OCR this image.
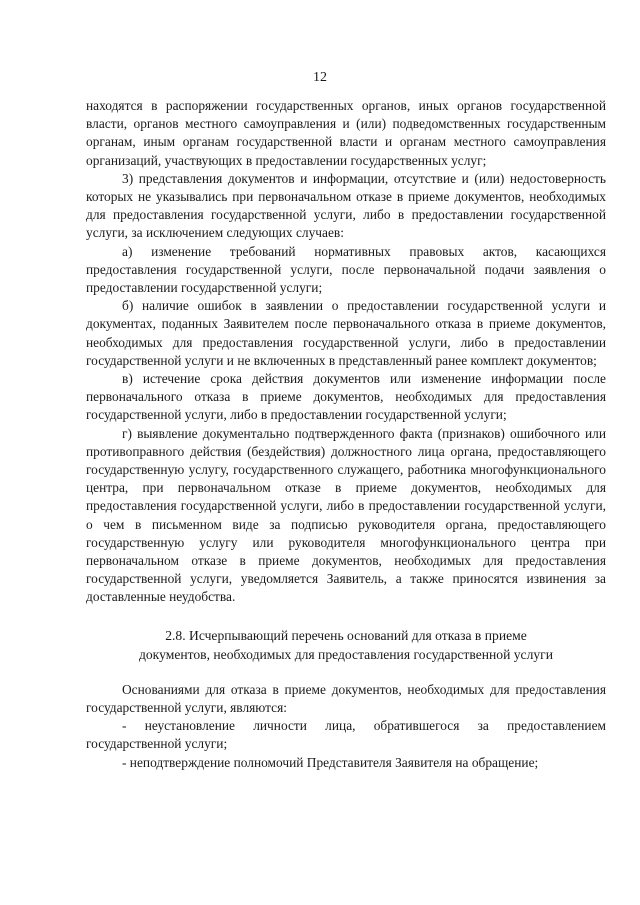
12

находятся в распоряжении государственных органов, иных органов государственной власти, органов местного самоуправления и (или) подведомственных государственным органам, иным органам государственной власти и органам местного самоуправления организаций, участвующих в предоставлении государственных услуг;

3) представления документов и информации, отсутствие и (или) недостоверность которых не указывались при первоначальном отказе в приеме документов, необходимых для предоставления государственной услуги, либо в предоставлении государственной услуги, за исключением следующих случаев:

а) изменение требований нормативных правовых актов, касающихся предоставления государственной услуги, после первоначальной подачи заявления о предоставлении государственной услуги;

б) наличие ошибок в заявлении о предоставлении государственной услуги и документах, поданных Заявителем после первоначального отказа в приеме документов, необходимых для предоставления государственной услуги, либо в предоставлении государственной услуги и не включенных в представленный ранее комплект документов;

в) истечение срока действия документов или изменение информации после первоначального отказа в приеме документов, необходимых для предоставления государственной услуги, либо в предоставлении государственной услуги;

г) выявление документально подтвержденного факта (признаков) ошибочного или противоправного действия (бездействия) должностного лица органа, предоставляющего государственную услугу, государственного служащего, работника многофункционального центра, при первоначальном отказе в приеме документов, необходимых для предоставления государственной услуги, либо в предоставлении государственной услуги, о чем в письменном виде за подписью руководителя органа, предоставляющего государственную услугу или руководителя многофункционального центра при первоначальном отказе в приеме документов, необходимых для предоставления государственной услуги, уведомляется Заявитель, а также приносятся извинения за доставленные неудобства.

2.8. Исчерпывающий перечень оснований для отказа в приеме
документов, необходимых для предоставления государственной услуги

Основаниями для отказа в приеме документов, необходимых для предоставления государственной услуги, являются:

- неустановление личности лица, обратившегося за предоставлением государственной услуги;

- неподтверждение полномочий Представителя Заявителя на обращение;
